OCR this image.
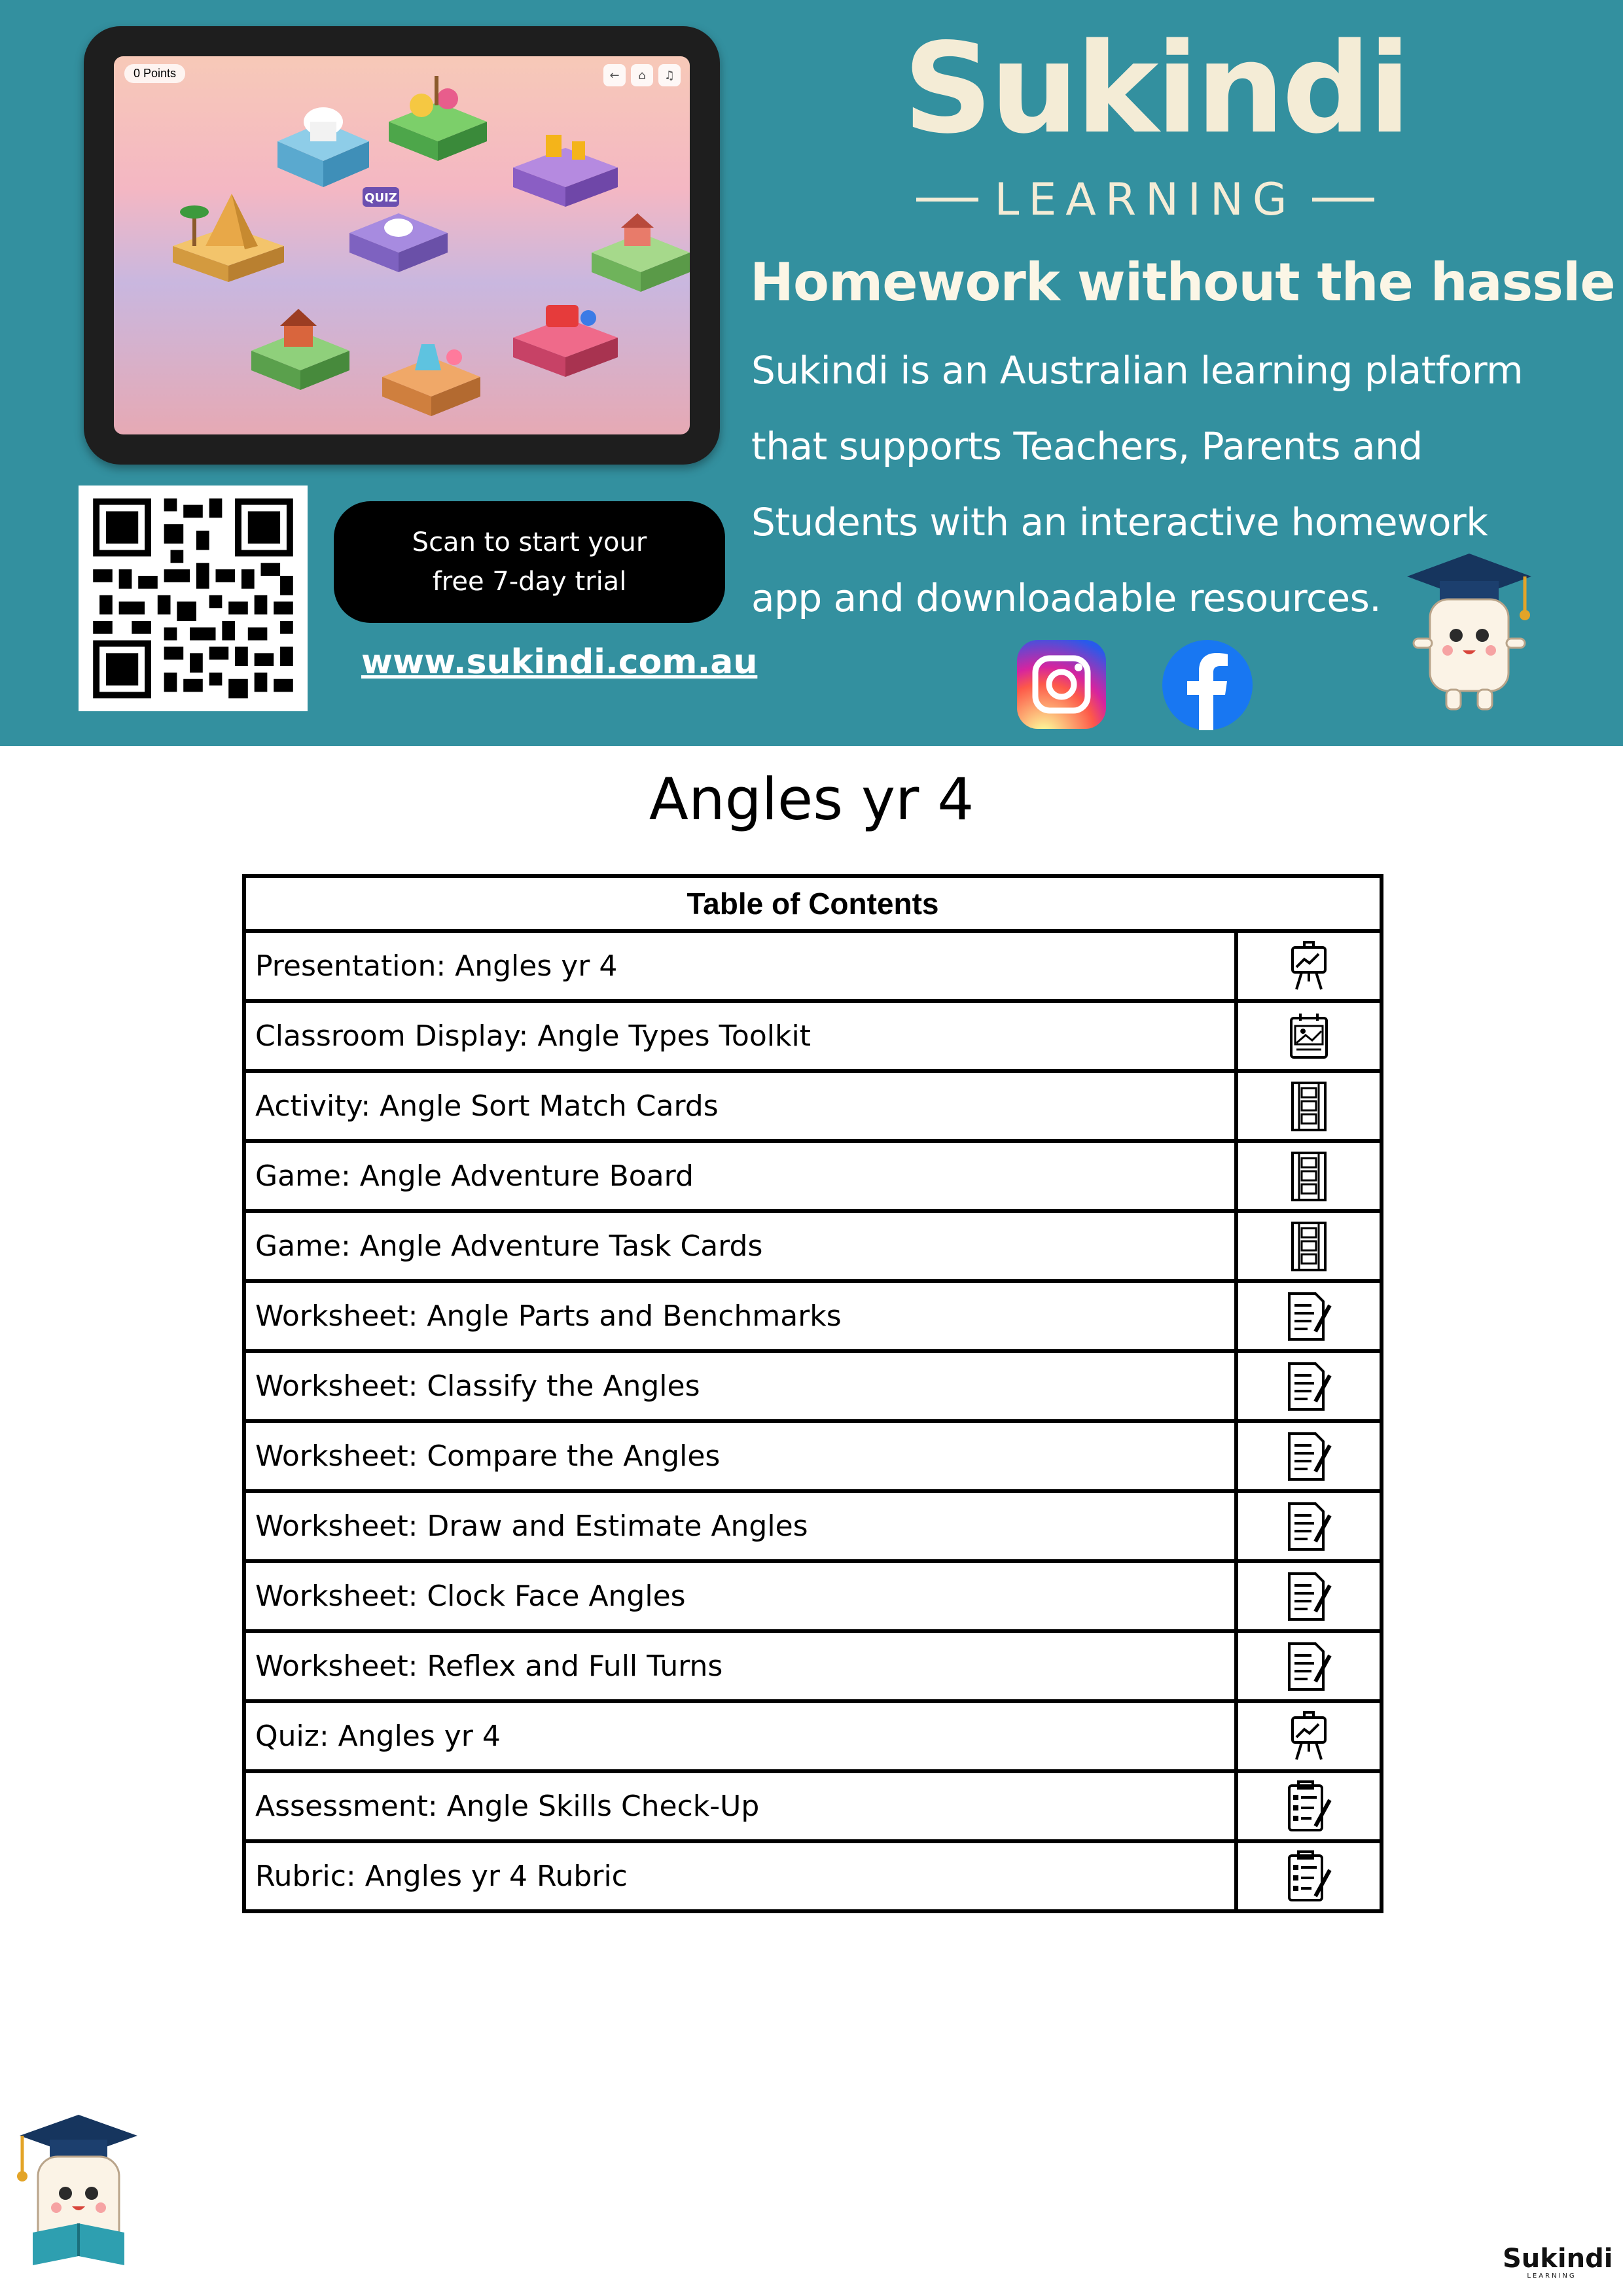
0 Points	←	⌂	♫
QUIZ
Scan to start your
free 7-day trial
www.sukindi.com.au
Sukindi
LEARNING
Homework without the hassle
Sukindi is an Australian learning platform
that supports Teachers, Parents and
Students with an interactive homework
app and downloadable resources.
Angles yr 4
Table of Contents	
Presentation: Angles yr 4	

Classroom Display: Angle Types Toolkit	

Activity: Angle Sort Match Cards	

Game: Angle Adventure Board	

Game: Angle Adventure Task Cards	

Worksheet: Angle Parts and Benchmarks	

Worksheet: Classify the Angles	

Worksheet: Compare the Angles	

Worksheet: Draw and Estimate Angles	

Worksheet: Clock Face Angles	

Worksheet: Reflex and Full Turns	

Quiz: Angles yr 4	

Assessment: Angle Skills Check-Up	

Rubric: Angles yr 4 Rubric	
Sukindi
LEARNING
